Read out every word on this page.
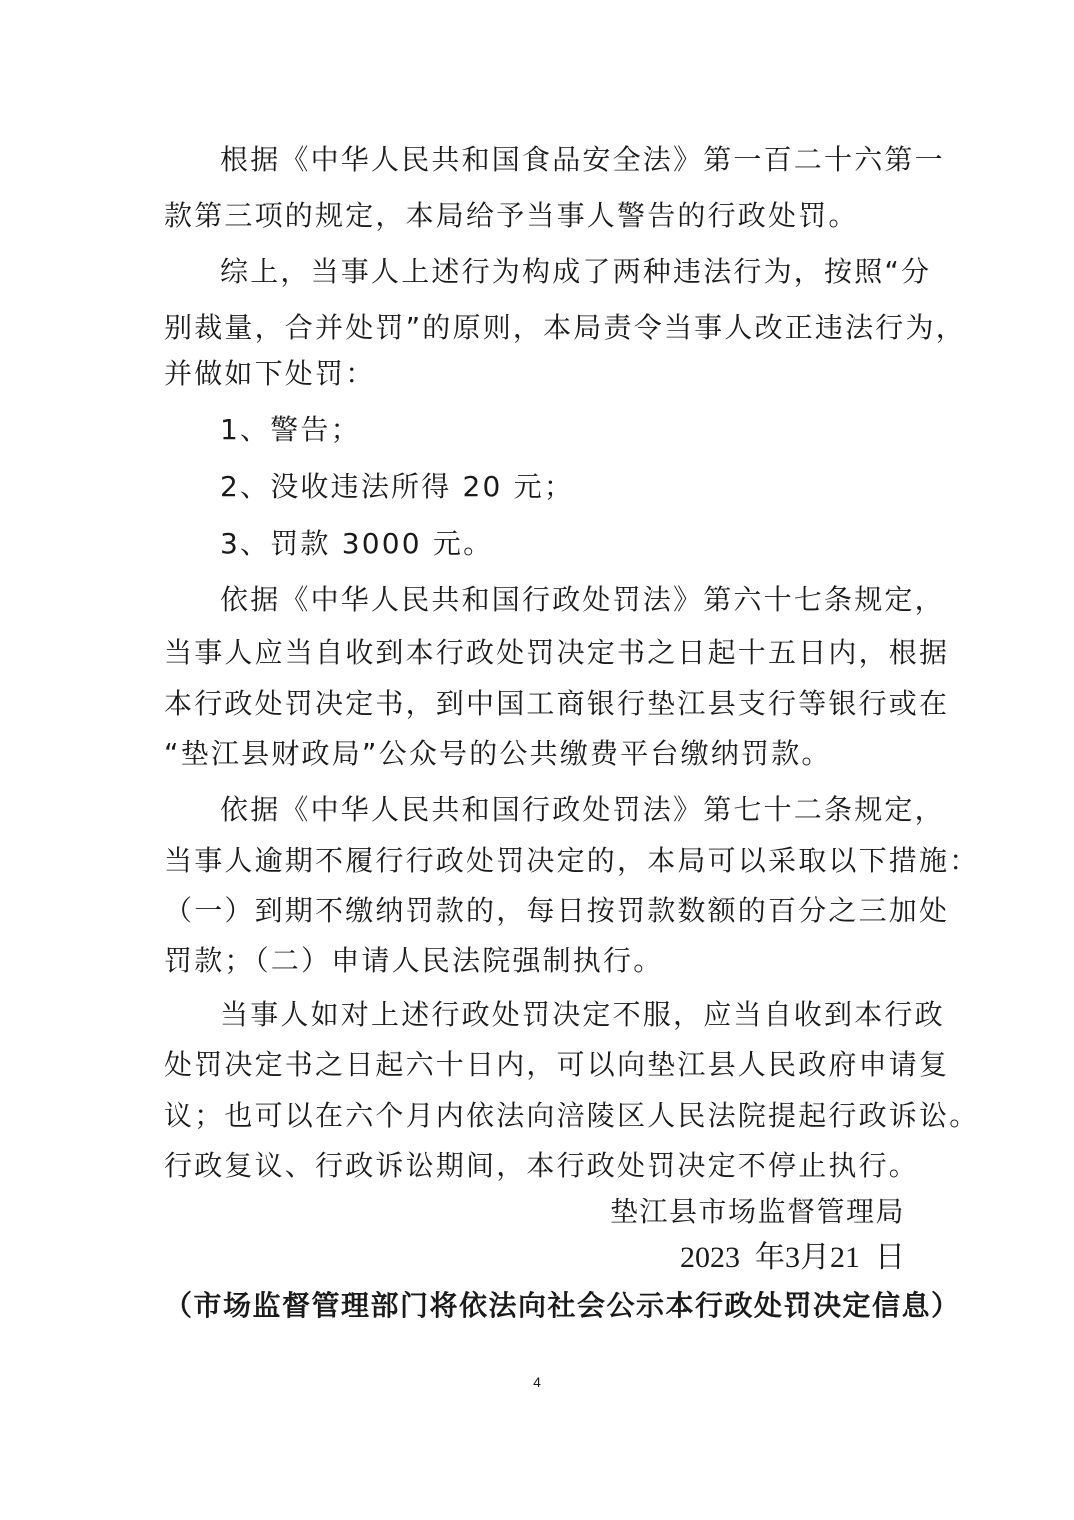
根据《中华人民共和国食品安全法》第一百二十六第一
款第三项的规定，本局给予当事人警告的行政处罚。
综上，当事人上述行为构成了两种违法行为，按照“分
别裁量，合并处罚”的原则，本局责令当事人改正违法行为，
并做如下处罚：
1、警告；
2、没收违法所得 20 元；
3、罚款 3000 元。
依据《中华人民共和国行政处罚法》第六十七条规定，
当事人应当自收到本行政处罚决定书之日起十五日内，根据
本行政处罚决定书，到中国工商银行垫江县支行等银行或在
“垫江县财政局”公众号的公共缴费平台缴纳罚款。
依据《中华人民共和国行政处罚法》第七十二条规定，
当事人逾期不履行行政处罚决定的，本局可以采取以下措施：
（一）到期不缴纳罚款的，每日按罚款数额的百分之三加处
罚款；（二）申请人民法院强制执行。
当事人如对上述行政处罚决定不服，应当自收到本行政
处罚决定书之日起六十日内，可以向垫江县人民政府申请复
议；也可以在六个月内依法向涪陵区人民法院提起行政诉讼。
行政复议、行政诉讼期间，本行政处罚决定不停止执行。
垫江县市场监督管理局
2023  年3月21  日
（市场监督管理部门将依法向社会公示本行政处罚决定信息）
4
